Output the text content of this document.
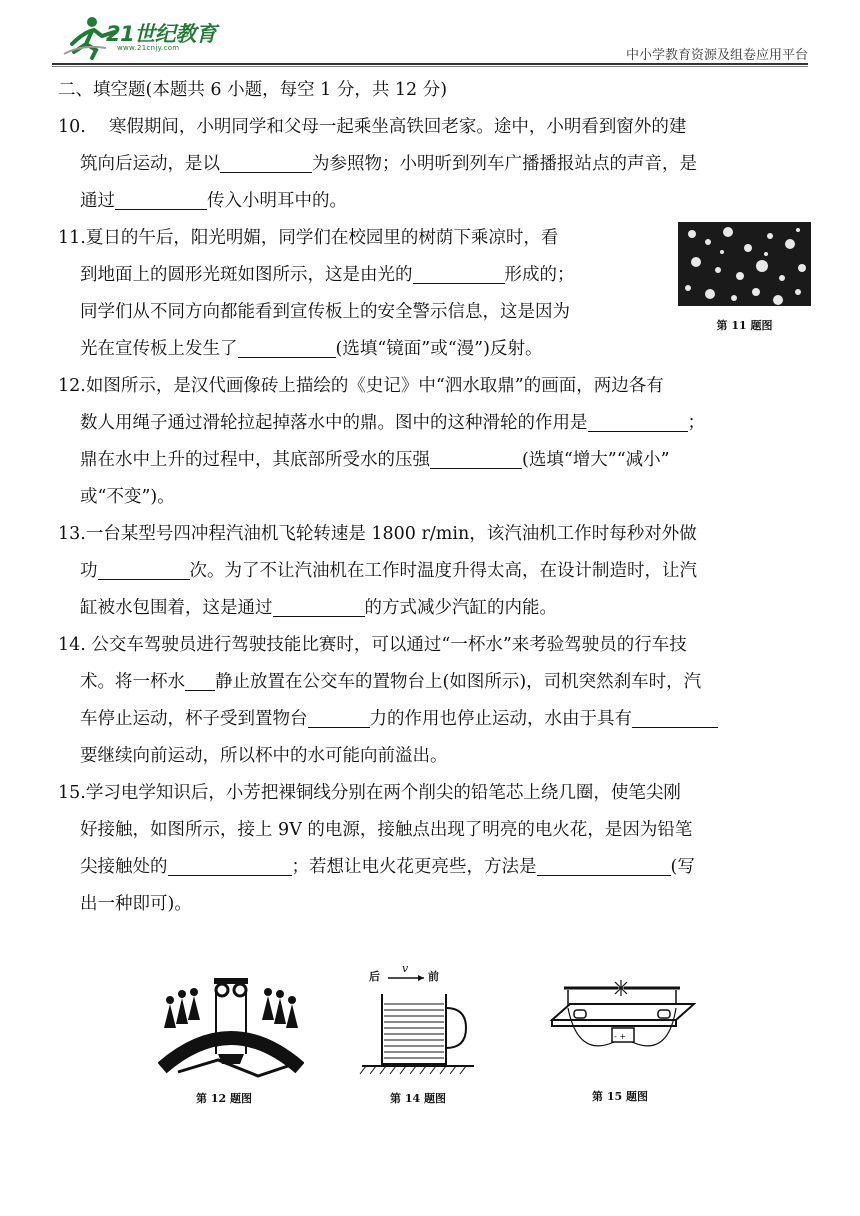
21世纪教育
www.21cnjy.com	中小学教育资源及组卷应用平台
二、填空题(本题共 6 小题，每空 1 分，共 12 分)
10.　 寒假期间，小明同学和父母一起乘坐高铁回老家。途中，小明看到窗外的建
筑向后运动，是以	为参照物；小明听到列车广播播报站点的声音，是
通过	传入小明耳中的。
11.夏日的午后，阳光明媚，同学们在校园里的树荫下乘凉时，看
到地面上的圆形光斑如图所示，这是由光的	形成的；
同学们从不同方向都能看到宣传板上的安全警示信息，这是因为
光在宣传板上发生了	(选填“镜面”或“漫”)反射。
12.如图所示，是汉代画像砖上描绘的《史记》中“泗水取鼎”的画面，两边各有
数人用绳子通过滑轮拉起掉落水中的鼎。图中的这种滑轮的作用是	；
鼎在水中上升的过程中，其底部所受水的压强	(选填“增大”“减小”
或“不变”)。
13.一台某型号四冲程汽油机飞轮转速是 1800 r/min，该汽油机工作时每秒对外做
功	次。为了不让汽油机在工作时温度升得太高，在设计制造时，让汽
缸被水包围着，这是通过	的方式减少汽缸的内能。
14. 公交车驾驶员进行驾驶技能比赛时，可以通过“一杯水”来考验驾驶员的行车技
术。将一杯水 静止放置在公交车的置物台上(如图所示)，司机突然刹车时，汽
车停止运动，杯子受到置物台	力的作用也停止运动，水由于具有
要继续向前运动，所以杯中的水可能向前溢出。
15.学习电学知识后，小芳把裸铜线分别在两个削尖的铅笔芯上绕几圈，使笔尖刚
好接触，如图所示，接上 9V 的电源，接触点出现了明亮的电火花，是因为铅笔
尖接触处的	；若想让电火花更亮些，方法是	(写
出一种即可)。
第 11 题图
第 12 题图
后
v
前
第 14 题图
- +
第 15 题图
